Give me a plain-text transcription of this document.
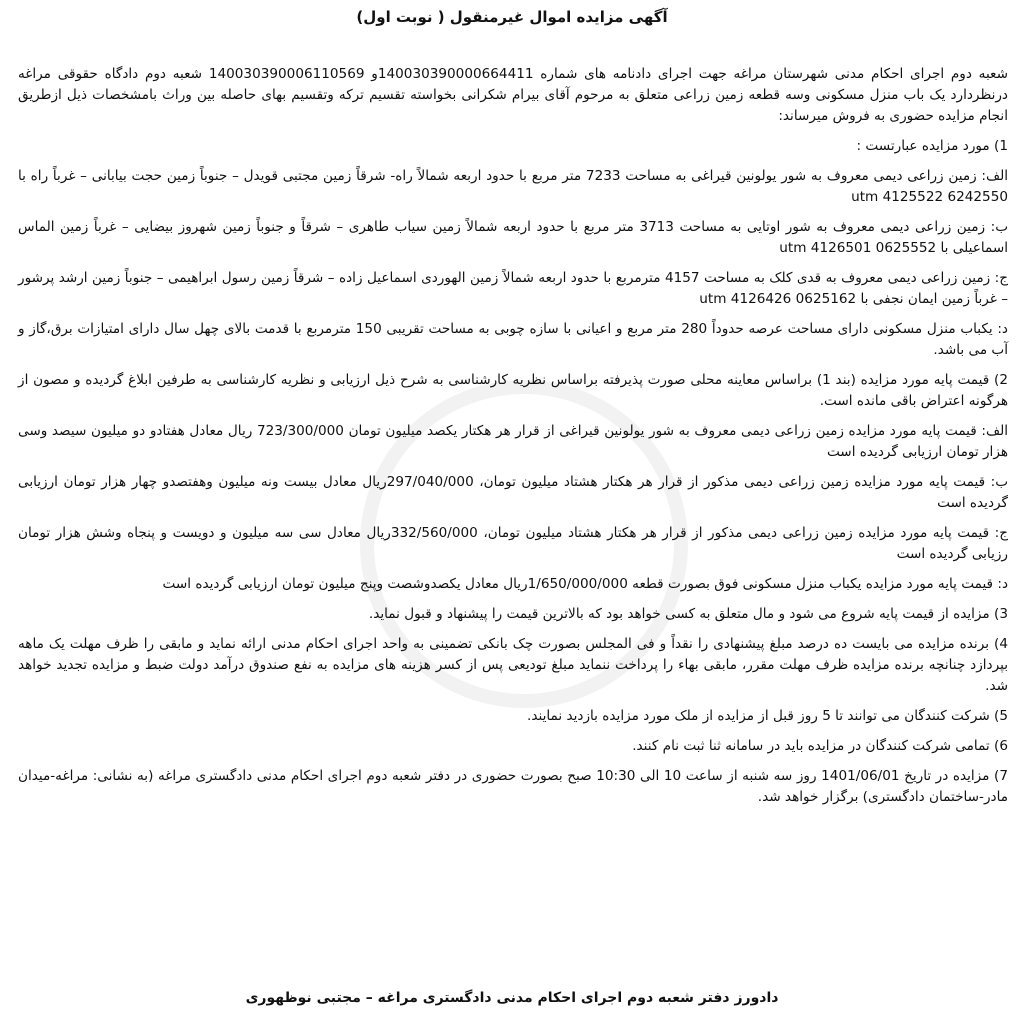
آگهی مزایده اموال غیرمنقول ( نوبت اول)

شعبه دوم اجرای احکام مدنی شهرستان مراغه جهت اجرای دادنامه های شماره 140030390000664411و 140030390006110569 شعبه دوم دادگاه حقوقی مراغه درنظردارد یک باب منزل مسکونی وسه قطعه زمین زراعی متعلق به مرحوم آقای بیرام شکرانی بخواسته تقسیم ترکه وتقسیم بهای حاصله بین وراث بامشخصات ذیل ازطریق انجام مزایده حضوری به فروش میرساند:

1) مورد مزایده عبارتست :

الف: زمین زراعی دیمی معروف به شور یولونین قیراغی به مساحت 7233 متر مربع با حدود اربعه شمالاً راه- شرقاً زمین مجتبی قویدل – جنوباً زمین حجت بیابانی – غرباً راه با utm 4125522 6242550

ب: زمین زراعی دیمی معروف به شور اوتایی به مساحت 3713 متر مربع با حدود اربعه شمالاً زمین سیاب طاهری – شرقاً و جنوباً زمین شهروز بیضایی – غرباً زمین الماس اسماعیلی با utm 4126501 0625552

ج: زمین زراعی دیمی معروف به قدی کلک به مساحت 4157 مترمربع با حدود اربعه شمالاً زمین الهوردی اسماعیل زاده – شرقاً زمین رسول ابراهیمی – جنوباً زمین ارشد پرشور – غرباً زمین ایمان نجفی با utm 4126426 0625162

د: یکباب منزل مسکونی دارای مساحت عرصه حدوداً 280 متر مربع و اعیانی با سازه چوبی به مساحت تقریبی 150 مترمربع با قدمت بالای چهل سال دارای امتیازات برق،گاز و آب می باشد.

2) قیمت پایه مورد مزایده (بند 1) براساس معاینه محلی صورت پذیرفته براساس نظریه کارشناسی به شرح ذیل ارزیابی و نظریه کارشناسی به طرفین ابلاغ گردیده و مصون از هرگونه اعتراض باقی مانده است.

الف: قیمت پایه مورد مزایده زمین زراعی دیمی معروف به شور یولونین قیراغی از قرار هر هکتار یکصد میلیون تومان 723/300/000 ریال معادل هفتادو دو میلیون سیصد وسی هزار تومان ارزیابی گردیده است

ب: قیمت پایه مورد مزایده زمین زراعی دیمی مذکور از قرار هر هکتار هشتاد میلیون تومان، 297/040/000ریال معادل بیست ونه میلیون وهفتصدو چهار هزار تومان ارزیابی گردیده است

ج: قیمت پایه مورد مزایده زمین زراعی دیمی مذکور از قرار هر هکتار هشتاد میلیون تومان، 332/560/000ریال معادل سی سه میلیون و دویست و پنجاه وشش هزار تومان رزیابی گردیده است

د: قیمت پایه مورد مزایده یکباب منزل مسکونی فوق بصورت قطعه 1/650/000/000ریال معادل یکصدوشصت وپنج میلیون تومان ارزیابی گردیده است

3) مزایده از قیمت پایه شروع می شود و مال متعلق به کسی خواهد بود که بالاترین قیمت را پیشنهاد و قبول نماید.

4) برنده مزایده می بایست ده درصد مبلغ پیشنهادی را نقداً و فی المجلس بصورت چک بانکی تضمینی به واحد اجرای احکام مدنی ارائه نماید و مابقی را ظرف مهلت یک ماهه بپردازد چنانچه برنده مزایده ظرف مهلت مقرر، مابقی بهاء را پرداخت ننماید مبلغ تودیعی پس از کسر هزینه های مزایده به نفع صندوق درآمد دولت ضبط و مزایده تجدید خواهد شد.

5) شرکت کنندگان می توانند تا 5 روز قبل از مزایده از ملک مورد مزایده بازدید نمایند.

6) تمامی شرکت کنندگان در مزایده باید در سامانه ثنا ثبت نام کنند.

7) مزایده در تاریخ 1401/06/01 روز سه شنبه از ساعت 10 الی 10:30 صبح بصورت حضوری در دفتر شعبه دوم اجرای احکام مدنی دادگستری مراغه (به نشانی: مراغه-میدان مادر-ساختمان دادگستری) برگزار خواهد شد.

دادورز دفتر شعبه دوم اجرای احکام مدنی دادگستری مراغه – مجتبی نوظهوری
